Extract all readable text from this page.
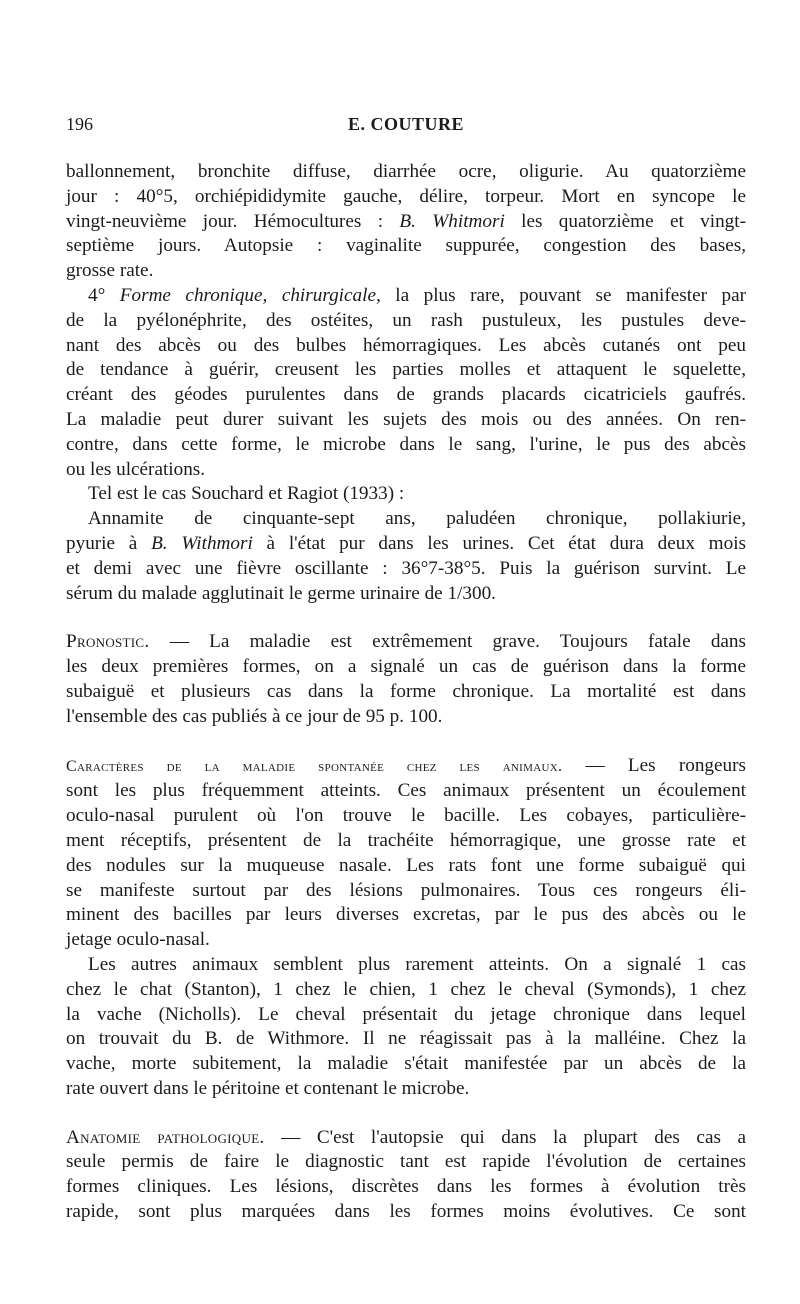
196	E. COUTURE

ballonnement, bronchite diffuse, diarrhée ocre, oligurie. Au quatorzième
jour : 40°5, orchiépididymite gauche, délire, torpeur. Mort en syncope le
vingt-neuvième jour. Hémocultures : B. Whitmori les quatorzième et vingt-
septième jours. Autopsie : vaginalite suppurée, congestion des bases,
grosse rate.

4° Forme chronique, chirurgicale, la plus rare, pouvant se manifester par
de la pyélonéphrite, des ostéites, un rash pustuleux, les pustules deve-
nant des abcès ou des bulbes hémorragiques. Les abcès cutanés ont peu
de tendance à guérir, creusent les parties molles et attaquent le squelette,
créant des géodes purulentes dans de grands placards cicatriciels gaufrés.
La maladie peut durer suivant les sujets des mois ou des années. On ren-
contre, dans cette forme, le microbe dans le sang, l'urine, le pus des abcès
ou les ulcérations.

Tel est le cas Souchard et Ragiot (1933) :

Annamite de cinquante-sept ans, paludéen chronique, pollakiurie,
pyurie à B. Withmori à l'état pur dans les urines. Cet état dura deux mois
et demi avec une fièvre oscillante : 36°7-38°5. Puis la guérison survint. Le
sérum du malade agglutinait le germe urinaire de 1/300.

Pronostic. — La maladie est extrêmement grave. Toujours fatale dans
les deux premières formes, on a signalé un cas de guérison dans la forme
subaiguë et plusieurs cas dans la forme chronique. La mortalité est dans
l'ensemble des cas publiés à ce jour de 95 p. 100.

Caractères de la maladie spontanée chez les animaux. — Les rongeurs
sont les plus fréquemment atteints. Ces animaux présentent un écoulement
oculo-nasal purulent où l'on trouve le bacille. Les cobayes, particulière-
ment réceptifs, présentent de la trachéite hémorragique, une grosse rate et
des nodules sur la muqueuse nasale. Les rats font une forme subaiguë qui
se manifeste surtout par des lésions pulmonaires. Tous ces rongeurs éli-
minent des bacilles par leurs diverses excretas, par le pus des abcès ou le
jetage oculo-nasal.

Les autres animaux semblent plus rarement atteints. On a signalé 1 cas
chez le chat (Stanton), 1 chez le chien, 1 chez le cheval (Symonds), 1 chez
la vache (Nicholls). Le cheval présentait du jetage chronique dans lequel
on trouvait du B. de Withmore. Il ne réagissait pas à la malléine. Chez la
vache, morte subitement, la maladie s'était manifestée par un abcès de la
rate ouvert dans le péritoine et contenant le microbe.

Anatomie pathologique. — C'est l'autopsie qui dans la plupart des cas a
seule permis de faire le diagnostic tant est rapide l'évolution de certaines
formes cliniques. Les lésions, discrètes dans les formes à évolution très
rapide, sont plus marquées dans les formes moins évolutives. Ce sont
